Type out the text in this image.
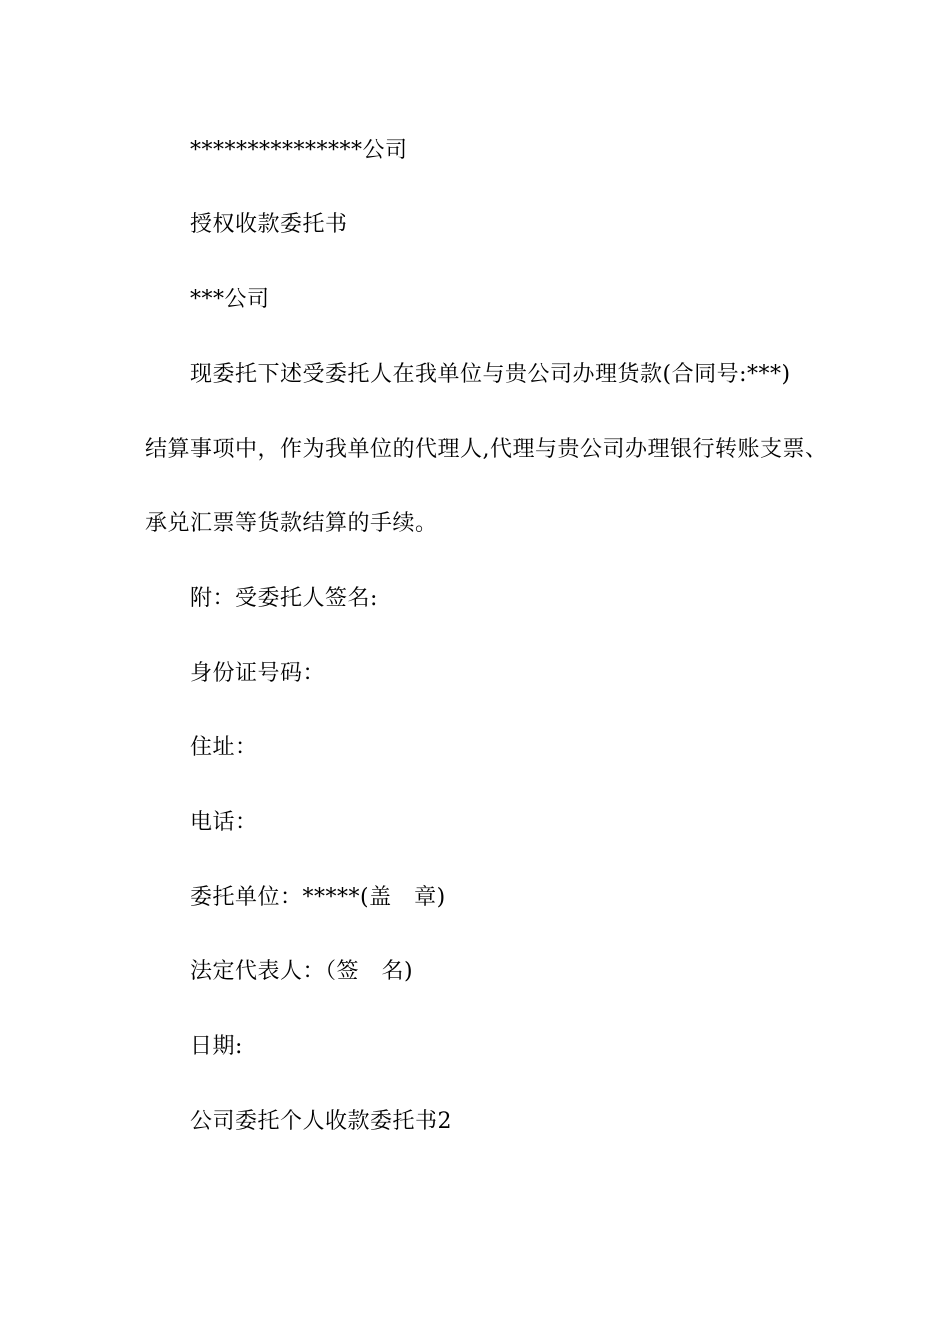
***************公司
授权收款委托书
***公司
现委托下述受委托人在我单位与贵公司办理货款(合同号:***)
结算事项中，作为我单位的代理人,代理与贵公司办理银行转账支票、
承兑汇票等货款结算的手续。
附：受委托人签名:
身份证号码：
住址：
电话：
委托单位：*****(盖　章)
法定代表人：（签　名)
日期:
公司委托个人收款委托书2
